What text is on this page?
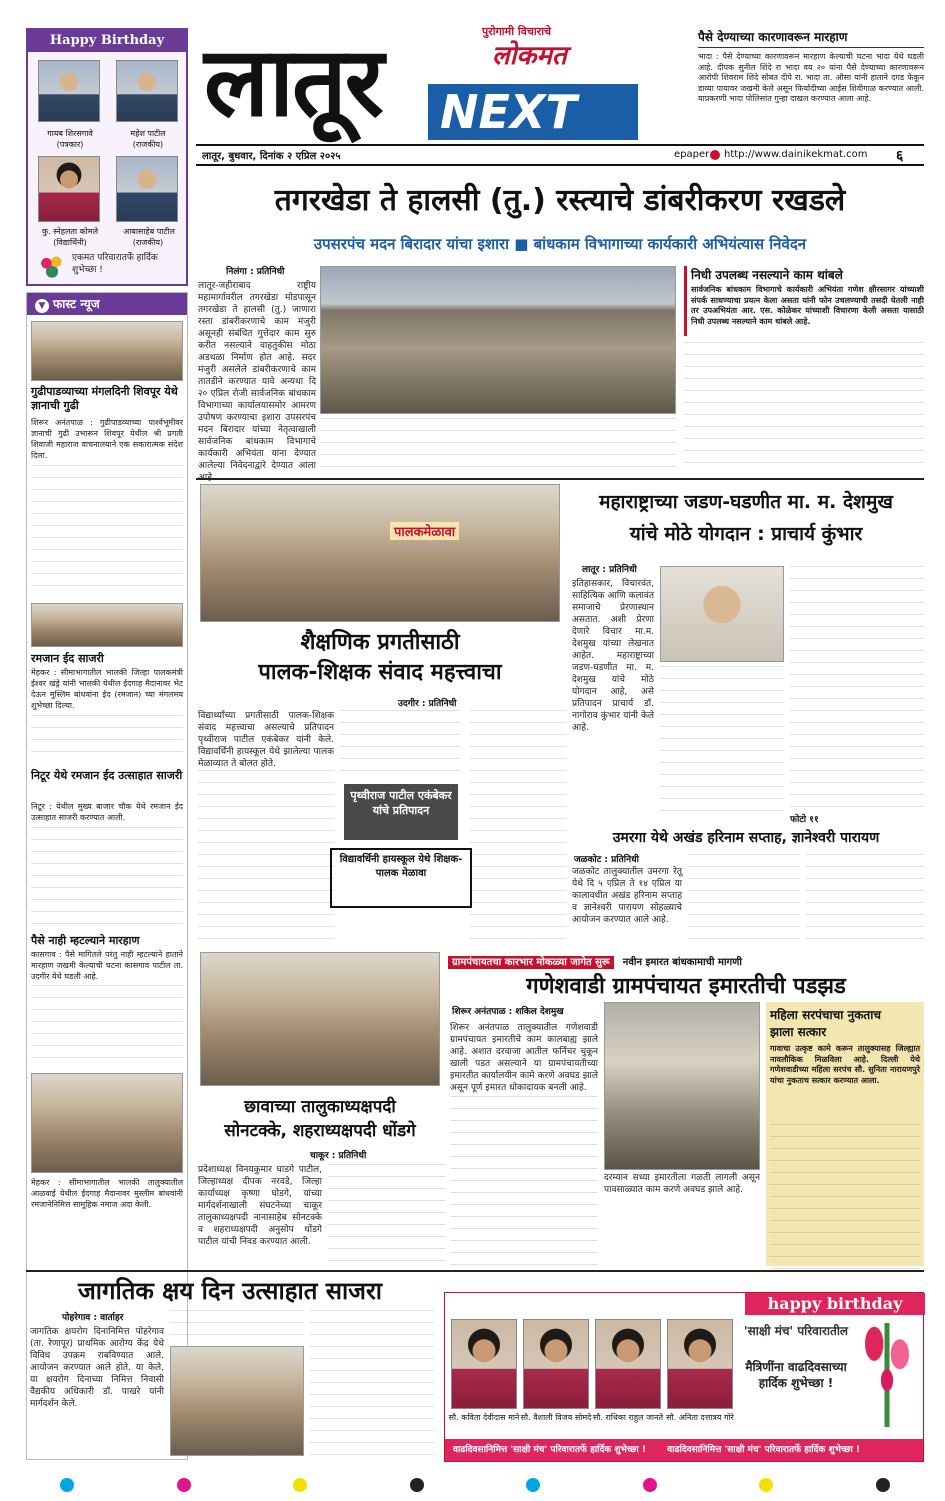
Happy Birthday
गायब शिरसगावे
(पत्रकार)
महेश पाटील
(राजकीय)
कु. स्नेहलता कोमले
(विद्यार्थिनी)
आबासाहेब पाटील
(राजकीय)
एकमत परिवारातर्फे हार्दिक शुभेच्छा !
▼ फास्ट न्यूज
गुढीपाडव्याच्या मंगलदिनी शिवपूर येथे ज्ञानाची गुढी
शिरूर अनंतपाळ : गुढीपाडव्याच्या पार्श्वभूमीवर ज्ञानाची गुढी उभारून शिवपूर येथील श्री प्रगती शिवाजी महाराज वाचनालयाने एक सकारात्मक संदेश दिला.
रमजान ईद साजरी
मेहकर : सीमाभागातील भालकी जिल्हा पालकमंत्री ईश्वर खंड्रे यांनी भालकी येथील ईदगाह मैदानावर भेट देऊन मुस्लिम बांधवांना ईद (रमजान) च्या मंगलमय शुभेच्छा दिल्या.
निटूर येथे रमजान ईद उत्साहात साजरी
निटूर : येथील मुख्य बाजार चौक येथे रमजान ईद उत्साहात साजरी करण्यात आली.
पैसे नाही म्हटल्याने मारहाण
कासगाव : पैसे मागितले परंतु नाही म्हटल्याने हाताने मारहाण जखमी केल्याची घटना कासगाव पाटील ता. उदगीर येथे घडली आहे.
मेहकर : सीमाभागातील भालकी तालुक्यातील आळवाई येथील ईदगाह मैदानावर मुस्लीम बांधवांनी रमजानेनिमित्त सामूहिक नमाज अदा केली.
लातूर	पुरोगामी विचाराचे
लोकमत
NEXT
लातूर, बुधवार, दिनांक २ एप्रिल २०२५	epaper http://www.dainikekmat.com ६
पैसे देण्याच्या कारणावरून मारहाण
भादा : पैसे देण्याच्या कारणावरून मारहाण केल्याची घटना भादा येथे घडली आहे. दीपक सुनील शिंदे रा भादा वय २० यांना पैसे देण्याच्या कारणावरून आरोपी शिवराम शिंदे सोबत दीपे रा. भादा ता. औसा यांनी हाताने दगड फेकून डाव्या पायावर जखमी केले असून फिर्यादीच्या आईस शिवीगाळ करण्यात आली. याप्रकरणी भादा पोलिसांत गुन्हा दाखल करण्यात आला आहे.
तगरखेडा ते हालसी (तु.) रस्त्याचे डांबरीकरण रखडले
उपसरपंच मदन बिरादार यांचा इशारा ■ बांधकाम विभागाच्या कार्यकारी अभियंत्यास निवेदन
निलंगा : प्रतिनिधी
लातूर-जहीराबाद राष्ट्रीय महामार्गावरील तगरखेडा मोडपासून तगरखेडा ते हालसी (तु.) जाणारा रस्ता डांबरीकरणाचे काम मंजुरी असूनही संबंधित गुत्तेदार काम सुरु करीत नसल्याने वाहतुकीस मोठा अडथळा निर्माण होत आहे. सदर मंजुरी असलेले डांबरीकरणाचे काम तातडीने करण्यात यावे अन्यथा दि २० एप्रिल रोजी सार्वजनिक बांधकाम विभागाच्या कार्यालयासमोर आमरण उपोषण करण्याचा इशारा उपसरपंच मदन बिरादार यांच्या नेतृत्वाखाली सार्वजनिक बांधकाम विभागाचे कार्यकारी अभियंता यांना देण्यात आलेल्या निवेदनाद्वारे देण्यात आला
निधी उपलब्ध नसल्याने काम थांबले
सार्वजनिक बांधकाम विभागाचे कार्यकारी अभियंता गणेश क्षीरसागर यांच्याशी संपर्क साधण्याचा प्रयत्न केला असता यांनी फोन उचलण्याची तसदी घेतली नाही तर उपअभियंता आर. एस. कोळेकर यांच्याशी विचारणा केली असता यासाठी निधी उपलब्ध नसल्याने काम थांबले आहे.
पालकमेळावा
शैक्षणिक प्रगतीसाठी
पालक-शिक्षक संवाद महत्त्वाचा
उदगीर : प्रतिनिधी
विद्यार्थ्यांच्या प्रगतीसाठी पालक-शिक्षक संवाद महत्त्वाचा असल्याचे प्रतिपादन पृथ्वीराज पाटील एकंबेकर यांनी केले. विद्यावर्धिनी हायस्कूल येथे झालेल्या पालक मेळाव्यात ते बोलत होते.
पृथ्वीराज पाटील एकंबेकर यांचे प्रतिपादन
विद्यावर्धिनी हायस्कूल येथे शिक्षक-पालक मेळावा
महाराष्ट्राच्या जडण-घडणीत मा. म. देशमुख
यांचे मोठे योगदान : प्राचार्य कुंभार
लातूर : प्रतिनिधी
इतिहासकार, विचारवंत, साहित्यिक आणि कलावंत समाजाचे प्रेरणास्थान असतात. अशी प्रेरणा देणारे विचार मा.म. देशमुख यांच्या लेखनात आहेत. महाराष्ट्राच्या जडण-घडणीत मा. म. देशमुख यांचे मोठे योगदान आहे, असे प्रतिपादन प्राचार्य डॉ. नागोराव कुंभार यांनी केले आहे.
फोटो ११
उमरगा येथे अखंड हरिनाम सप्ताह, ज्ञानेश्वरी पारायण
जळकोट : प्रतिनिधी
जळकोट तालुक्यातील उमरगा रेतू येथे दि ५ एप्रिल ते १४ एप्रिल या कालावधीत अखंड हरिनाम सप्ताह व ज्ञानेश्वरी पारायण सोहळ्याचे आयोजन करण्यात आले आहे.
ग्रामपंचायतचा कारभार मोकळ्या जागेत सुरू नवीन इमारत बांधकामाची मागणी
छावाच्या तालुकाध्यक्षपदी
सोनटक्के, शहराध्यक्षपदी धोंडगे
चाकूर : प्रतिनिधी
प्रदेशाध्यक्ष विनयकुमार घाडगे पाटील, जिल्हाध्यक्ष दीपक नरवडे, जिल्हा कार्याध्यक्ष कृष्णा घोडगे, यांच्या मार्गदर्शनाखाली संघटनेच्या चाकूर तालुकाध्यक्षपदी नानासाहेब सोनटक्के व शहराध्यक्षपदी अनुसोप धोंडगे पाटील यांची निवड करण्यात आली.
गणेशवाडी ग्रामपंचायत इमारतीची पडझड
शिरूर अनंतपाळ : शकिल देशमुख
शिरूर अनंतपाळ तालुक्यातील गणेशवाडी ग्रामपंचायत इमारतीचे काम कालबाह्य झाले आहे. अशात दरवाजा आतील फर्निचर चुकून खाली पडत असल्याने या ग्रामपंचायतीच्या इमारतीत कार्यालयीन कामे करणे अवघड झाले असून पूर्ण इमारत धोकादायक बनली आहे.
दरम्यान सध्या इमारतीला गळती लागली असून पावसाळ्यात काम करणे अवघड झाले आहे.
महिला सरपंचाचा नुकताच
झाला सत्कार
गावाचा उत्कृष्ट कामे करून तालुक्यासह जिल्ह्यात नावलौकिक मिळविला आहे. दिल्ली येथे गणेशवाडीच्या महिला सरपंच सौ. सुनिता नारायणपुरे यांचा नुकताच सत्कार करण्यात आला.
जागतिक क्षय दिन उत्साहात साजरा
पोहरेगाव : वार्ताहर
जागतिक क्षयरोग दिनानिमित्त पोहरेगाव (ता. रेणापूर) प्राथमिक आरोग्य केंद्र येथे विविध उपक्रम राबविण्यात आले. आयोजन करण्यात आले होते. या केले, या क्षयरोग दिनाच्या निमित्त निवासी वैद्यकीय अधिकारी डॉ. पाखरे यांनी मार्गदर्शन केले.
happy birthday
सौ. कविता देवीदास माने सौ. वैशाली विजय सोमदे सौ. राधिका राहुल जानते सौ. अनिता दत्तात्रय गोरे
'साक्षी मंच' परिवारातील
मैत्रिणींना वाढदिवसाच्या हार्दिक शुभेच्छा !
वाढदिवसानिमित्त 'साक्षी मंच' परिवारातर्फे हार्दिक शुभेच्छा ! वाढदिवसानिमित्त 'साक्षी मंच' परिवारातर्फे हार्दिक शुभेच्छा !
